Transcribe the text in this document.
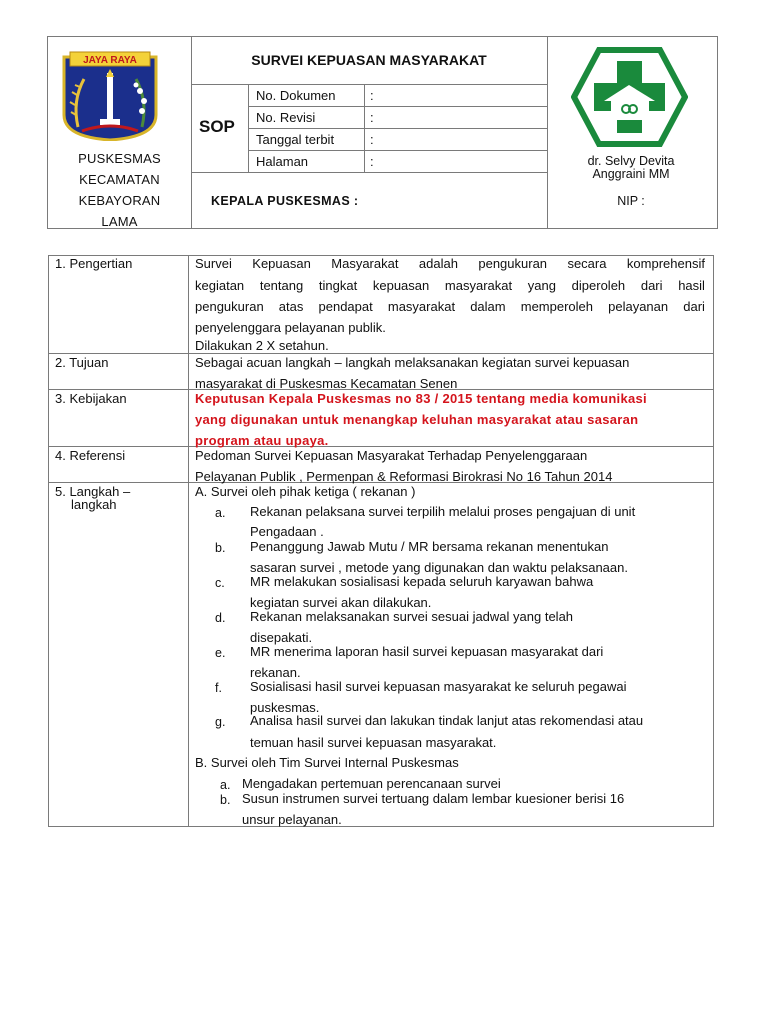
JAYA RAYA
PUSKESMAS
KECAMATAN
KEBAYORAN
LAMA
SURVEI KEPUASAN MASYARAKAT
SOP
No. Dokumen	:
No. Revisi	:
Tanggal terbit	:
Halaman	:
KEPALA PUSKESMAS :
dr. Selvy Devita
Anggraini MM
NIP :
1. Pengertian	Survei Kepuasan Masyarakat adalah pengukuran secara komprehensif
kegiatan tentang tingkat kepuasan masyarakat yang diperoleh dari hasil
pengukuran atas pendapat masyarakat dalam memperoleh pelayanan dari
penyelenggara pelayanan publik.
Dilakukan 2 X setahun.
2. Tujuan	Sebagai acuan langkah – langkah melaksanakan kegiatan survei kepuasan
masyarakat di Puskesmas Kecamatan Senen
3. Kebijakan	Keputusan Kepala Puskesmas no 83 / 2015 tentang media komunikasi
yang digunakan untuk menangkap keluhan masyarakat atau sasaran
program atau upaya.
4. Referensi	Pedoman Survei Kepuasan Masyarakat Terhadap Penyelenggaraan
Pelayanan Publik , Permenpan & Reformasi Birokrasi No 16 Tahun 2014
5. Langkah –
langkah
A. Survei oleh pihak ketiga ( rekanan )
a. Rekanan pelaksana survei terpilih melalui proses pengajuan di unit
Pengadaan .
b. Penanggung Jawab Mutu / MR bersama rekanan menentukan
sasaran survei , metode yang digunakan dan waktu pelaksanaan.
c. MR melakukan sosialisasi kepada seluruh karyawan bahwa
kegiatan survei akan dilakukan.
d. Rekanan melaksanakan survei sesuai jadwal yang telah
disepakati.
e. MR menerima laporan hasil survei kepuasan masyarakat dari
rekanan.
f. Sosialisasi hasil survei kepuasan masyarakat ke seluruh pegawai
puskesmas.
g. Analisa hasil survei dan lakukan tindak lanjut atas rekomendasi atau
temuan hasil survei kepuasan masyarakat.
B. Survei oleh Tim Survei Internal Puskesmas
a. Mengadakan pertemuan perencanaan survei
b. Susun instrumen survei tertuang dalam lembar kuesioner berisi 16
unsur pelayanan.
